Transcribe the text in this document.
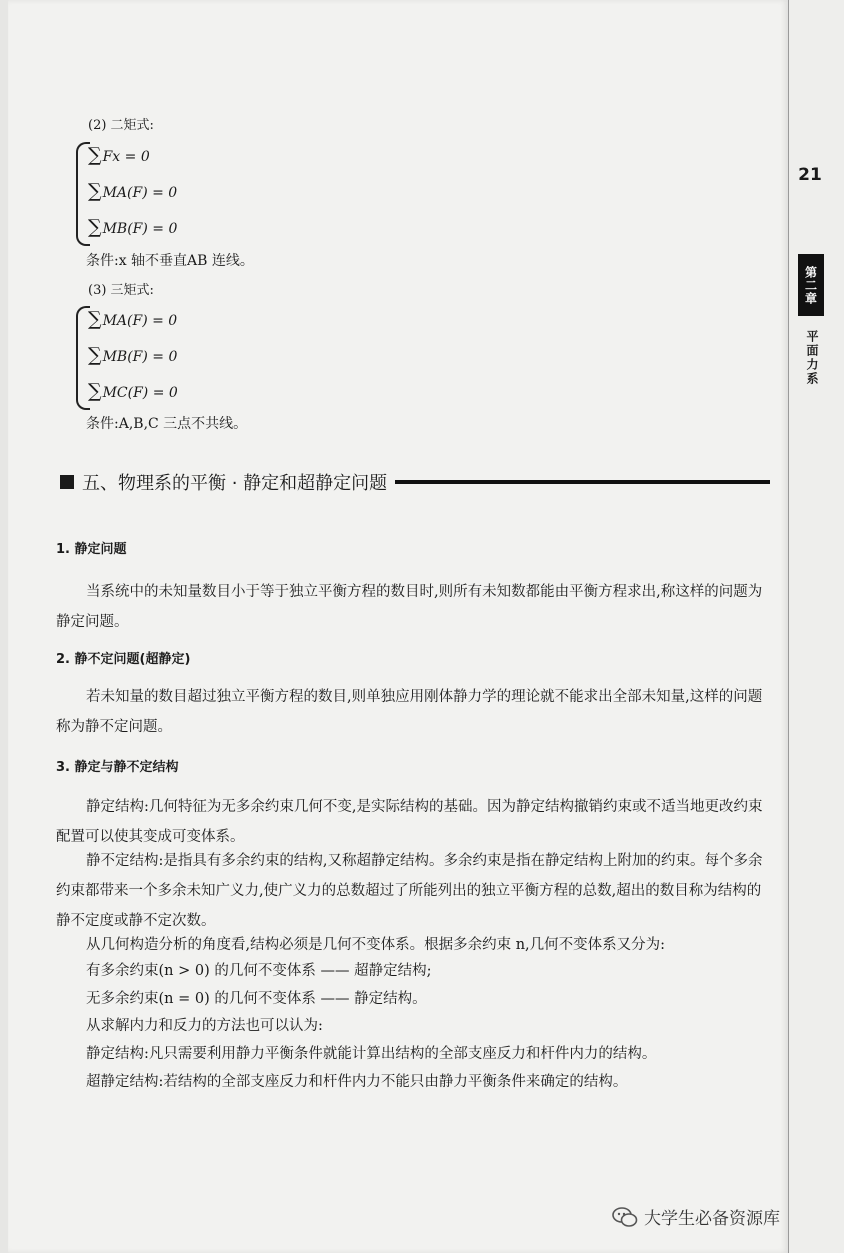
21
第二章
平面力系
(2) 二矩式:
∑Fx = 0
∑MA(F) = 0
∑MB(F) = 0
条件:x 轴不垂直AB 连线。
(3) 三矩式:
∑MA(F) = 0
∑MB(F) = 0
∑MC(F) = 0
条件:A,B,C 三点不共线。
五、物理系的平衡 · 静定和超静定问题
1. 静定问题
当系统中的未知量数目小于等于独立平衡方程的数目时,则所有未知数都能由平衡方程求出,称这样的问题为静定问题。
2. 静不定问题(超静定)
若未知量的数目超过独立平衡方程的数目,则单独应用刚体静力学的理论就不能求出全部未知量,这样的问题称为静不定问题。
3. 静定与静不定结构
静定结构:几何特征为无多余约束几何不变,是实际结构的基础。因为静定结构撤销约束或不适当地更改约束配置可以使其变成可变体系。
静不定结构:是指具有多余约束的结构,又称超静定结构。多余约束是指在静定结构上附加的约束。每个多余约束都带来一个多余未知广义力,使广义力的总数超过了所能列出的独立平衡方程的总数,超出的数目称为结构的静不定度或静不定次数。
从几何构造分析的角度看,结构必须是几何不变体系。根据多余约束 n,几何不变体系又分为:
有多余约束(n > 0) 的几何不变体系 —— 超静定结构;
无多余约束(n = 0) 的几何不变体系 —— 静定结构。
从求解内力和反力的方法也可以认为:
静定结构:凡只需要利用静力平衡条件就能计算出结构的全部支座反力和杆件内力的结构。
超静定结构:若结构的全部支座反力和杆件内力不能只由静力平衡条件来确定的结构。
大学生必备资源库
